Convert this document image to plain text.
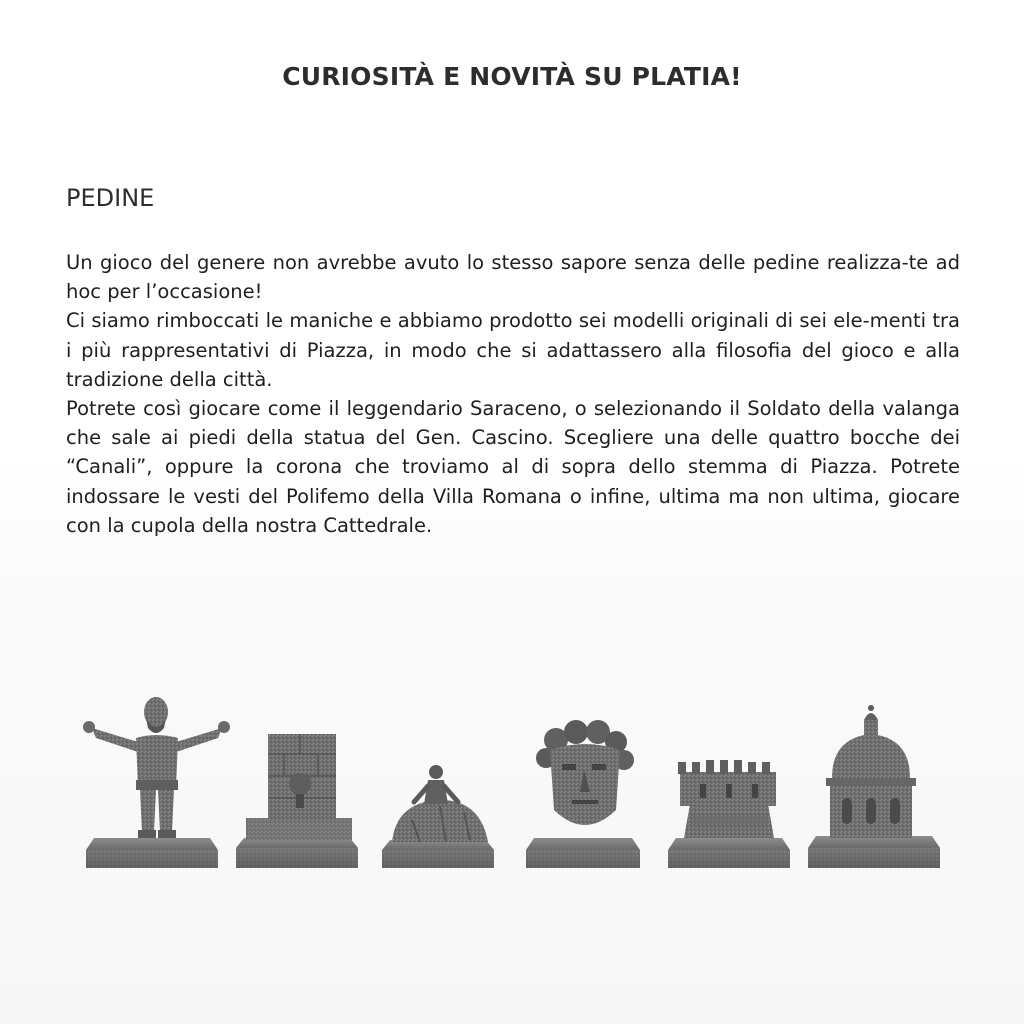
CURIOSITÀ E NOVITÀ SU PLATIA!
PEDINE

Un gioco del genere non avrebbe avuto lo stesso sapore senza delle pedine realizza-te ad hoc per l’occasione!

Ci siamo rimboccati le maniche e abbiamo prodotto sei modelli originali di sei ele-menti tra i più rappresentativi di Piazza, in modo che si adattassero alla filosofia del gioco e alla tradizione della città.

Potrete così giocare come il leggendario Saraceno, o selezionando il Soldato della valanga che sale ai piedi della statua del Gen. Cascino. Scegliere una delle quattro bocche dei “Canali”, oppure la corona che troviamo al di sopra dello stemma di Piazza. Potrete indossare le vesti del Polifemo della Villa Romana o infine, ultima ma non ultima, giocare con la cupola della nostra Cattedrale.
